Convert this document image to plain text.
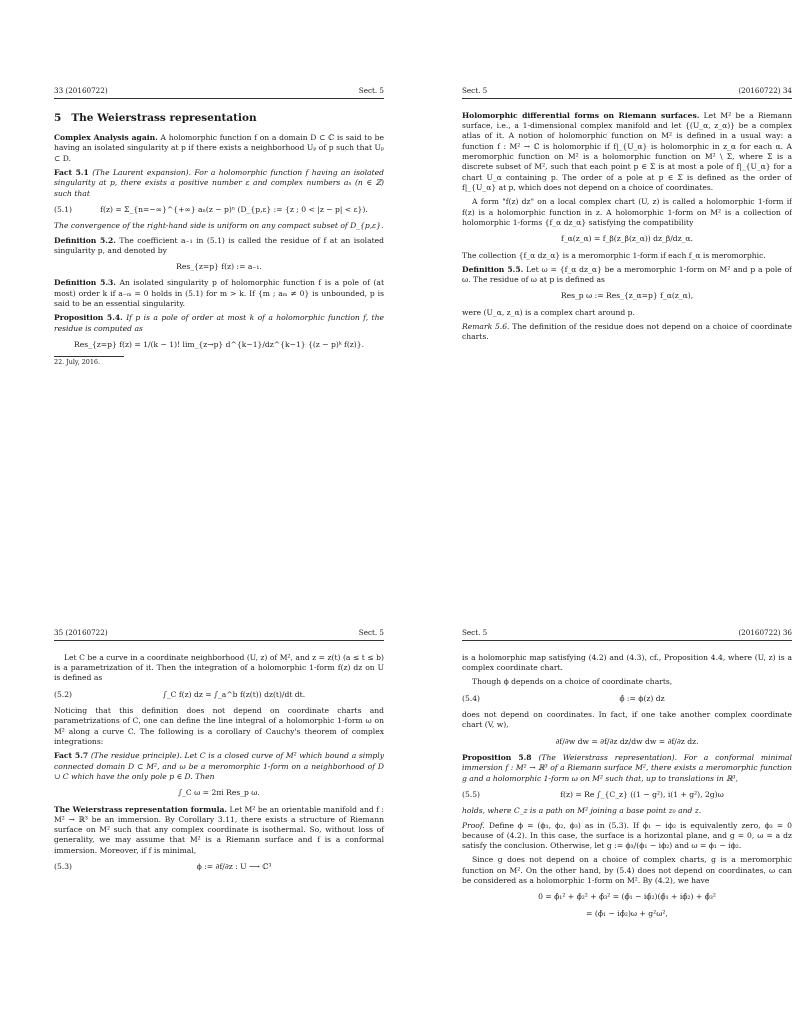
33 (20160722)	Sect. 5
5 The Weierstrass representation

Complex Analysis again. A holomorphic function f on a domain D ⊂ ℂ is said to be having an isolated singularity at p if there exists a neighborhood Uₚ of p such that Uₚ ⊂ D.

Fact 5.1 (The Laurent expansion). For a holomorphic function f having an isolated singularity at p, there exists a positive number ε and complex numbers aₙ (n ∈ ℤ) such that

(5.1)	f(z) = Σ_{n=−∞}^{+∞} aₙ(z − p)ⁿ (D_{p,ε} := {z ; 0 < |z − p| < ε}).

The convergence of the right-hand side is uniform on any compact subset of D_{p,ε}.

Definition 5.2. The coefficient a₋₁ in (5.1) is called the residue of f at an isolated singularity p, and denoted by

Res_{z=p} f(z) := a₋₁.

Definition 5.3. An isolated singularity p of holomorphic function f is a pole of (at most) order k if a₋ₘ = 0 holds in (5.1) for m > k. If {m ; aₘ ≠ 0} is unbounded, p is said to be an essential singularity.

Proposition 5.4. If p is a pole of order at most k of a holomorphic function f, the residue is computed as

Res_{z=p} f(z) = 1/(k − 1)! lim_{z→p} d^{k−1}/dz^{k−1} {(z − p)ᵏ f(z)}.
22. July, 2016.
Sect. 5	(20160722) 34

Holomorphic differential forms on Riemann surfaces. Let M² be a Riemann surface, i.e., a 1-dimensional complex manifold and let {(U_α, z_α)} be a complex atlas of it. A notion of holomorphic function on M² is defined in a usual way: a function f : M² → ℂ is holomorphic if f|_{U_α} is holomorphic in z_α for each α. A meromorphic function on M² is a holomorphic function on M² \ Σ, where Σ is a discrete subset of M², such that each point p ∈ Σ is at most a pole of f|_{U_α} for a chart U_α containing p. The order of a pole at p ∈ Σ is defined as the order of f|_{U_α} at p, which does not depend on a choice of coordinates.

A form "f(z) dz" on a local complex chart (U, z) is called a holomorphic 1-form if f(z) is a holomorphic function in z. A holomorphic 1-form on M² is a collection of holomorphic 1-forms {f_α dz_α} satisfying the compatibility

f_α(z_α) = f_β(z_β(z_α)) dz_β/dz_α.

The collection {f_α dz_α} is a meromorphic 1-form if each f_α is meromorphic.

Definition 5.5. Let ω = {f_α dz_α} be a meromorphic 1-form on M² and p a pole of ω. The residue of ω at p is defined as

Res_p ω := Res_{z_α=p} f_α(z_α),

were (U_α, z_α) is a complex chart around p.

Remark 5.6. The definition of the residue does not depend on a choice of coordinate charts.

35 (20160722)	Sect. 5

Let C be a curve in a coordinate neighborhood (U, z) of M², and z = z(t) (a ≤ t ≤ b) is a parametrization of it. Then the integration of a holomorphic 1-form f(z) dz on U is defined as

(5.2)	∫_C f(z) dz = ∫_a^b f(z(t)) dz(t)/dt dt.

Noticing that this definition does not depend on coordinate charts and parametrizations of C, one can define the line integral of a holomorphic 1-form ω on M² along a curve C. The following is a corollary of Cauchy's theorem of complex integrations:

Fact 5.7 (The residue principle). Let C is a closed curve of M² which bound a simply connected domain D ⊂ M², and ω be a meromorphic 1-form on a neighborhood of D ∪ C which have the only pole p ∈ D. Then

∫_C ω = 2πi Res_p ω.

The Weierstrass representation formula. Let M² be an orientable manifold and f : M² → ℝ³ be an immersion. By Corollary 3.11, there exists a structure of Riemann surface on M² such that any complex coordinate is isothermal. So, without loss of generality, we may assume that M² is a Riemann surface and f is a conformal immersion. Moreover, if f is minimal,

(5.3)	ϕ := ∂f/∂z : U ⟶ ℂ³
Sect. 5	(20160722) 36

is a holomorphic map satisfying (4.2) and (4.3), cf., Proposition 4.4, where (U, z) is a complex coordinate chart.

Though ϕ depends on a choice of coordinate charts,

(5.4)	ϕ̂ := ϕ(z) dz

does not depend on coordinates. In fact, if one take another complex coordinate chart (V, w),

∂f/∂w dw = ∂f/∂z dz/dw dw = ∂f/∂z dz.

Proposition 5.8 (The Weierstrass representation). For a conformal minimal immersion f : M² → ℝ³ of a Riemann surface M², there exists a meromorphic function g and a holomorphic 1-form ω on M² such that, up to translations in ℝ³,

(5.5)	f(z) = Re ∫_{C_z} ((1 − g²), i(1 + g²), 2g)ω

holds, where C_z is a path on M² joining a base point z₀ and z.

Proof. Define ϕ = (ϕ₁, ϕ₂, ϕ₃) as in (5.3). If ϕ₁ − iϕ₂ is equivalently zero, ϕ₃ = 0 because of (4.2). In this case, the surface is a horizontal plane, and g = 0, ω = a dz satisfy the conclusion. Otherwise, let g := ϕ₃/(ϕ₁ − iϕ₂) and ω = ϕ₁ − iϕ₂.

Since g does not depend on a choice of complex charts, g is a meromorphic function on M². On the other hand, by (5.4) does not depend on coordinates, ω can be considered as a holomorphic 1-form on M². By (4.2), we have

0 = ϕ̂₁² + ϕ̂₂² + ϕ̂₃² = (ϕ̂₁ − iϕ̂₂)(ϕ̂₁ + iϕ̂₂) + ϕ̂₃²
= (ϕ̂₁ − iϕ̂₂)ω + g²ω²,
